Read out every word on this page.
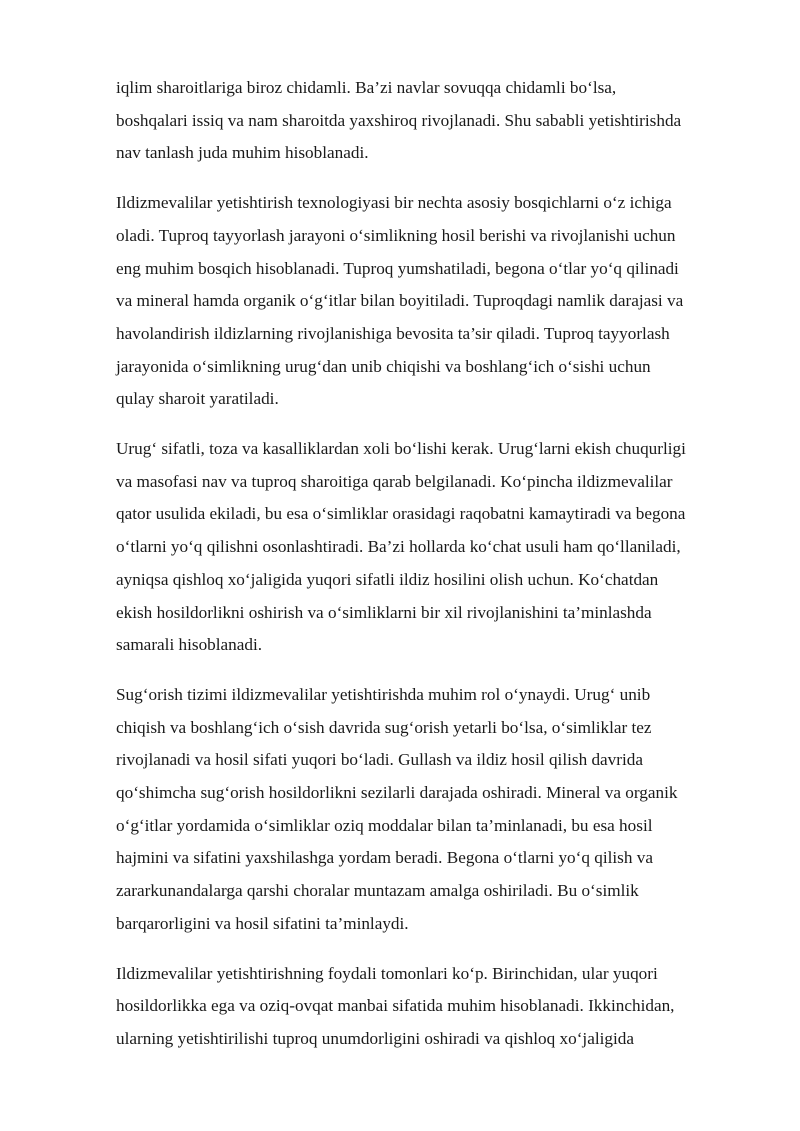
iqlim sharoitlariga biroz chidamli. Ba’zi navlar sovuqqa chidamli bo‘lsa,
boshqalari issiq va nam sharoitda yaxshiroq rivojlanadi. Shu sababli yetishtirishda
nav tanlash juda muhim hisoblanadi.

Ildizmevalilar yetishtirish texnologiyasi bir nechta asosiy bosqichlarni o‘z ichiga
oladi. Tuproq tayyorlash jarayoni o‘simlikning hosil berishi va rivojlanishi uchun
eng muhim bosqich hisoblanadi. Tuproq yumshatiladi, begona o‘tlar yo‘q qilinadi
va mineral hamda organik o‘g‘itlar bilan boyitiladi. Tuproqdagi namlik darajasi va
havolandirish ildizlarning rivojlanishiga bevosita ta’sir qiladi. Tuproq tayyorlash
jarayonida o‘simlikning urug‘dan unib chiqishi va boshlang‘ich o‘sishi uchun
qulay sharoit yaratiladi.

Urug‘ sifatli, toza va kasalliklardan xoli bo‘lishi kerak. Urug‘larni ekish chuqurligi
va masofasi nav va tuproq sharoitiga qarab belgilanadi. Ko‘pincha ildizmevalilar
qator usulida ekiladi, bu esa o‘simliklar orasidagi raqobatni kamaytiradi va begona
o‘tlarni yo‘q qilishni osonlashtiradi. Ba’zi hollarda ko‘chat usuli ham qo‘llaniladi,
ayniqsa qishloq xo‘jaligida yuqori sifatli ildiz hosilini olish uchun. Ko‘chatdan
ekish hosildorlikni oshirish va o‘simliklarni bir xil rivojlanishini ta’minlashda
samarali hisoblanadi.

Sug‘orish tizimi ildizmevalilar yetishtirishda muhim rol o‘ynaydi. Urug‘ unib
chiqish va boshlang‘ich o‘sish davrida sug‘orish yetarli bo‘lsa, o‘simliklar tez
rivojlanadi va hosil sifati yuqori bo‘ladi. Gullash va ildiz hosil qilish davrida
qo‘shimcha sug‘orish hosildorlikni sezilarli darajada oshiradi. Mineral va organik
o‘g‘itlar yordamida o‘simliklar oziq moddalar bilan ta’minlanadi, bu esa hosil
hajmini va sifatini yaxshilashga yordam beradi. Begona o‘tlarni yo‘q qilish va
zararkunandalarga qarshi choralar muntazam amalga oshiriladi. Bu o‘simlik
barqarorligini va hosil sifatini ta’minlaydi.

Ildizmevalilar yetishtirishning foydali tomonlari ko‘p. Birinchidan, ular yuqori
hosildorlikka ega va oziq-ovqat manbai sifatida muhim hisoblanadi. Ikkinchidan,
ularning yetishtirilishi tuproq unumdorligini oshiradi va qishloq xo‘jaligida
